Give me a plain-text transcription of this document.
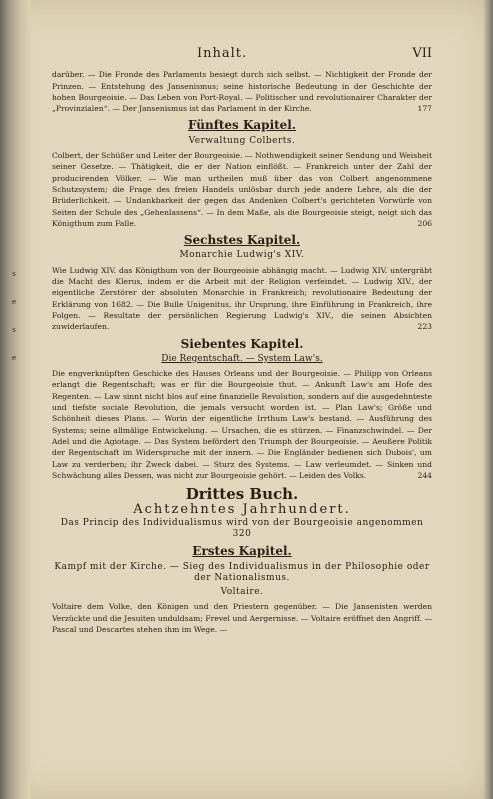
s
e
s
e
Inhalt.	VII

darüber. — Die Fronde des Parlaments besiegt durch sich selbst. — Nichtigkeit der Fronde der Prinzen. — Entstehung des Jansenismus; seine historische Bedeutung in der Geschichte der hohen Bourgeoisie. — Das Leben von Port-Royal. — Politischer und revolutionairer Charakter der „Provinzialen“. — Der Jansenismus ist das Parlament in der Kirche.	177

Fünftes Kapitel.
Verwaltung Colberts.

Colbert, der Schüßer und Leiter der Bourgeoisie. — Nothwendigkeit seiner Sendung und Weisheit seiner Gesetze. — Thätigkeit, die er der Nation einflößt. — Frankreich unter der Zahl der producirenden Völker. — Wie man urtheilen muß über das von Colbert angenommene Schutzsystem; die Frage des freien Handels unlösbar durch jede andere Lehre, als die der Brüderlichkeit. — Undankbarkeit der gegen das Andenken Colbert's gerichteten Vorwürfe von Seiten der Schule des „Gehenlassens“. — In dem Maße, als die Bourgeoisie steigt, neigt sich das Königthum zum Falle.	206

Sechstes Kapitel.
Monarchie Ludwig's XIV.

Wie Ludwig XIV. das Königthum von der Bourgeoisie abhängig macht. — Ludwig XIV. untergräbt die Macht des Klerus, indem er die Arbeit mit der Religion verfeindet. — Ludwig XIV., der eigentliche Zerstörer der absoluten Monarchie in Frankreich; revolutionaire Bedeutung der Erklärung von 1682. — Die Bulle Unigenitus, ihr Ursprung, ihre Einführung in Frankreich, ihre Folgen. — Resultate der persönlichen Regierung Ludwig's XIV., die seinen Absichten zuwiderlaufen.	223

Siebentes Kapitel.
Die Regentschaft. — System Law's.

Die engverknüpften Geschicke des Hauses Orleans und der Bourgeoisie. — Philipp von Orleans erlangt die Regentschaft; was er für die Bourgeoisie thut. — Ankunft Law's am Hofe des Regenten. — Law sinnt nicht blos auf eine finanzielle Revolution, sondern auf die ausgedehnteste und tiefste sociale Revolution, die jemals versucht worden ist. — Plan Law's; Größe und Schönheit dieses Plans. — Worin der eigentliche Irrthum Law's bestand. — Ausführung des Systems; seine allmälige Entwickelung. — Ursachen, die es stürzen. — Finanzschwindel. — Der Adel und die Agiotage. — Das System befördert den Triumph der Bourgeoisie. — Aeußere Politik der Regentschaft im Widerspruche mit der innern. — Die Engländer bedienen sich Dubois', um Law zu verderben; ihr Zweck dabei. — Sturz des Systems. — Law verleumdet. — Sinken und Schwächung alles Dessen, was nicht zur Bourgeoisie gehört. — Leiden des Volks.	244

Drittes Buch.
Achtzehntes Jahrhundert.
Das Princip des Individualismus wird von der Bourgeoisie angenommen 320
Erstes Kapitel.
Kampf mit der Kirche. — Sieg des Individualismus in der Philosophie oder der Nationalismus.
Voltaire.

Voltaire dem Volke, den Königen und den Priestern gegenüber. — Die Jansenisten werden Verzückte und die Jesuiten unduldsam; Frevel und Aergernisse. — Voltaire eröffnet den Angriff. — Pascal und Descartes stehen ihm im Wege. —
